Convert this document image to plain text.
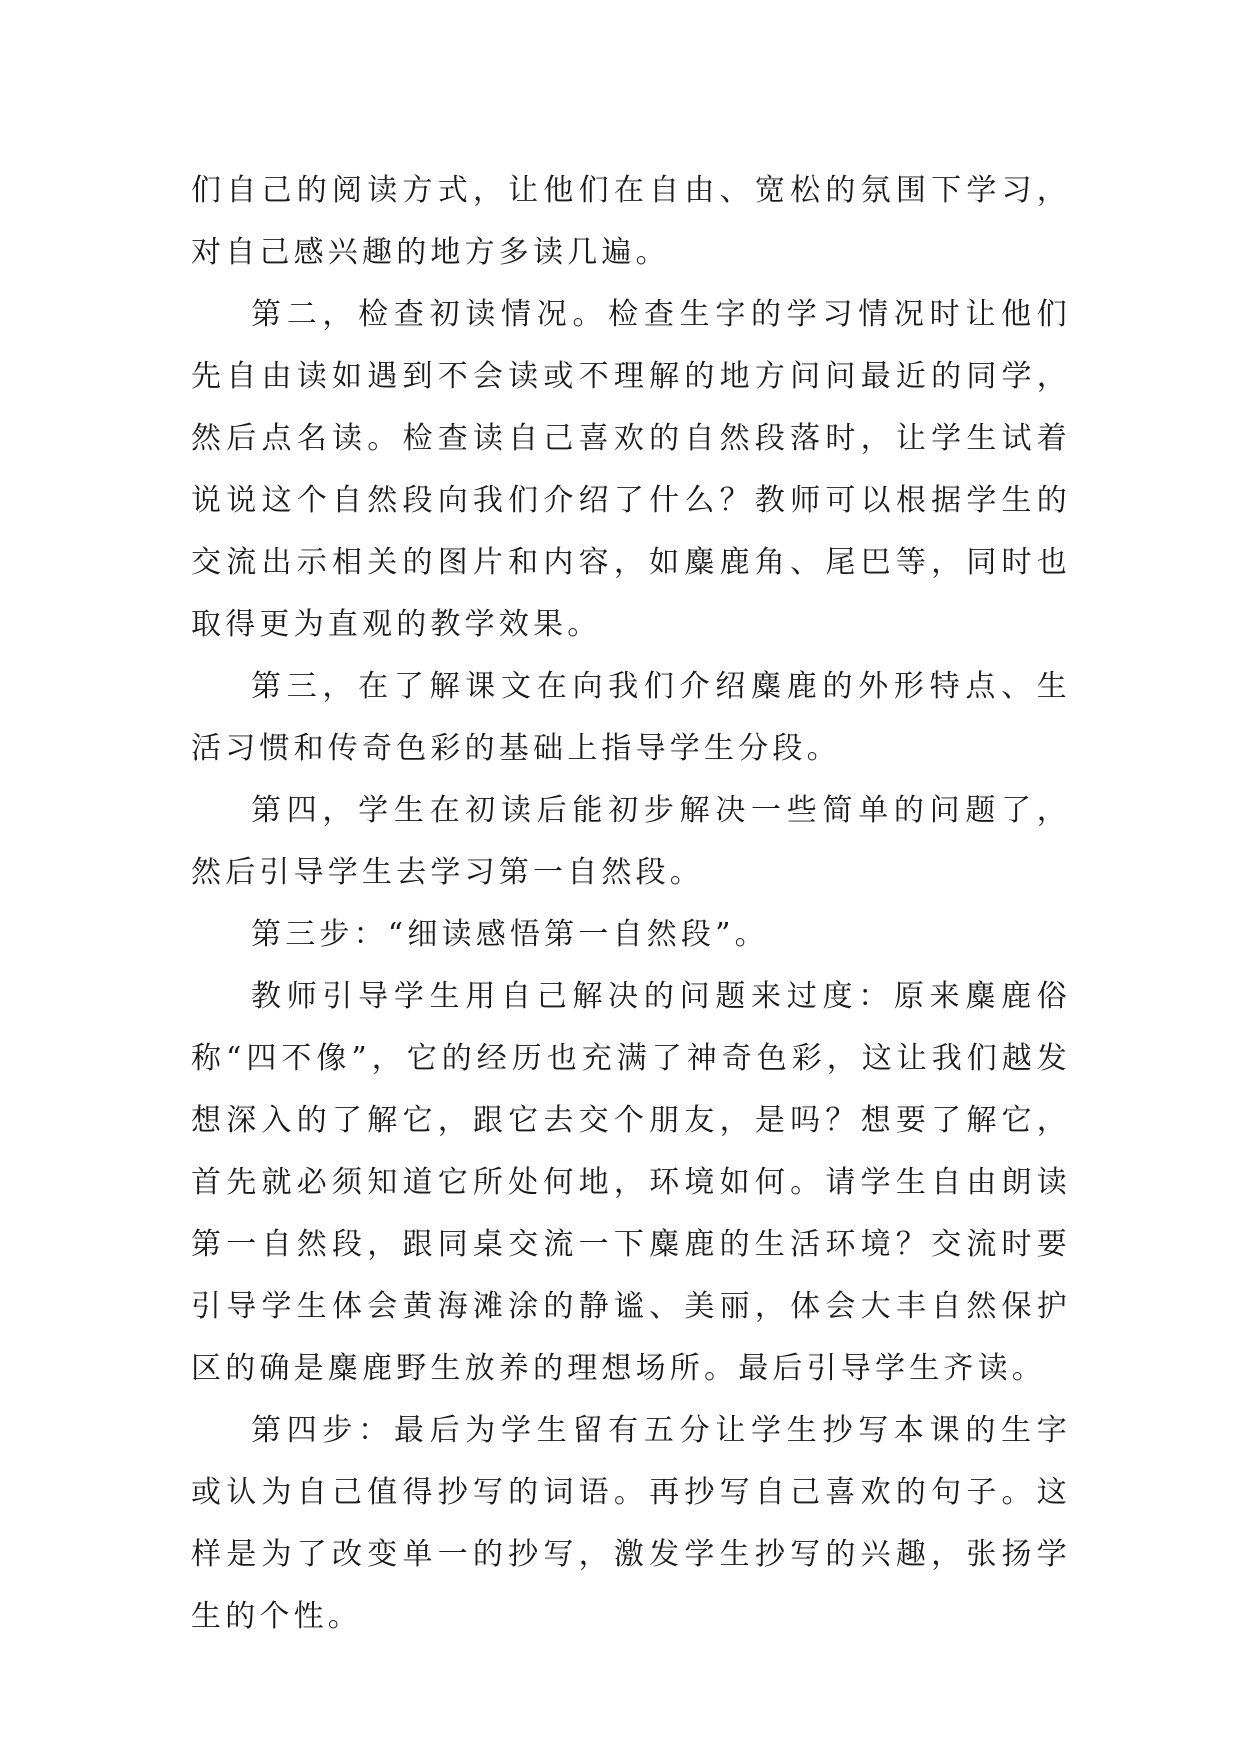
们自己的阅读方式，让他们在自由、宽松的氛围下学习，对自己感兴趣的地方多读几遍。

第二，检查初读情况。检查生字的学习情况时让他们先自由读如遇到不会读或不理解的地方问问最近的同学，然后点名读。检查读自己喜欢的自然段落时，让学生试着说说这个自然段向我们介绍了什么？教师可以根据学生的交流出示相关的图片和内容，如麋鹿角、尾巴等，同时也取得更为直观的教学效果。

第三，在了解课文在向我们介绍麋鹿的外形特点、生活习惯和传奇色彩的基础上指导学生分段。

第四，学生在初读后能初步解决一些简单的问题了，然后引导学生去学习第一自然段。

第三步：“细读感悟第一自然段”。

教师引导学生用自己解决的问题来过度：原来麋鹿俗称“四不像”，它的经历也充满了神奇色彩，这让我们越发想深入的了解它，跟它去交个朋友，是吗？想要了解它，首先就必须知道它所处何地，环境如何。请学生自由朗读第一自然段，跟同桌交流一下麋鹿的生活环境？交流时要引导学生体会黄海滩涂的静谧、美丽，体会大丰自然保护区的确是麋鹿野生放养的理想场所。最后引导学生齐读。

第四步：最后为学生留有五分让学生抄写本课的生字或认为自己值得抄写的词语。再抄写自己喜欢的句子。这样是为了改变单一的抄写，激发学生抄写的兴趣，张扬学生的个性。
